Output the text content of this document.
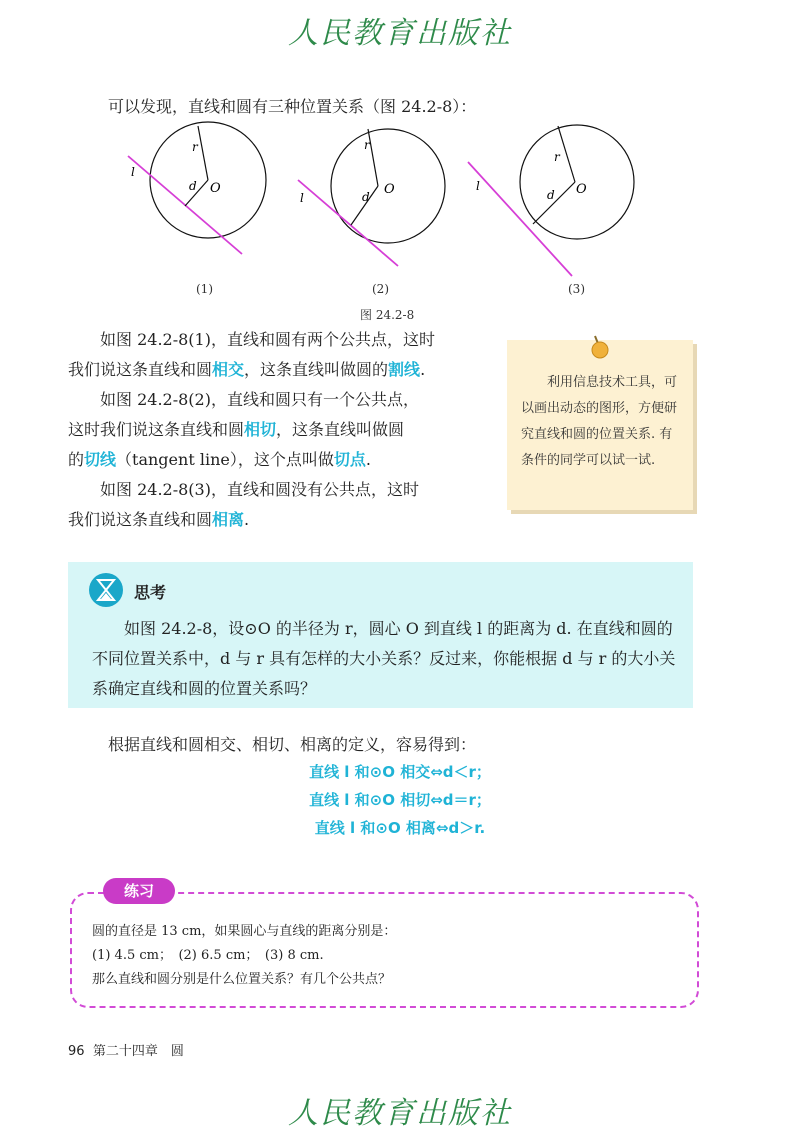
人民教育出版社
可以发现，直线和圆有三种位置关系（图 24.2-8）：
r
d O
l
r
d O
l
r
d O
l
(1)	(2)	(3)
图 24.2-8
如图 24.2-8(1)，直线和圆有两个公共点，这时
我们说这条直线和圆相交，这条直线叫做圆的割线.
如图 24.2-8(2)，直线和圆只有一个公共点，
这时我们说这条直线和圆相切，这条直线叫做圆
的切线（tangent line），这个点叫做切点.
如图 24.2-8(3)，直线和圆没有公共点，这时
我们说这条直线和圆相离.
利用信息技术工具，可以画出动态的图形，方便研究直线和圆的位置关系. 有条件的同学可以试一试.
思考
如图 24.2-8，设⊙O 的半径为 r，圆心 O 到直线 l 的距离为 d. 在直线和圆的不同位置关系中，d 与 r 具有怎样的大小关系？反过来，你能根据 d 与 r 的大小关系确定直线和圆的位置关系吗？
根据直线和圆相交、相切、相离的定义，容易得到：
直线 l 和⊙O 相交⇔d＜r；
直线 l 和⊙O 相切⇔d＝r；
直线 l 和⊙O 相离⇔d＞r.
圆的直径是 13 cm，如果圆心与直线的距离分别是：
(1) 4.5 cm；　(2) 6.5 cm；　(3) 8 cm.
那么直线和圆分别是什么位置关系？有几个公共点？
练习
96 第二十四章　圆
人民教育出版社
